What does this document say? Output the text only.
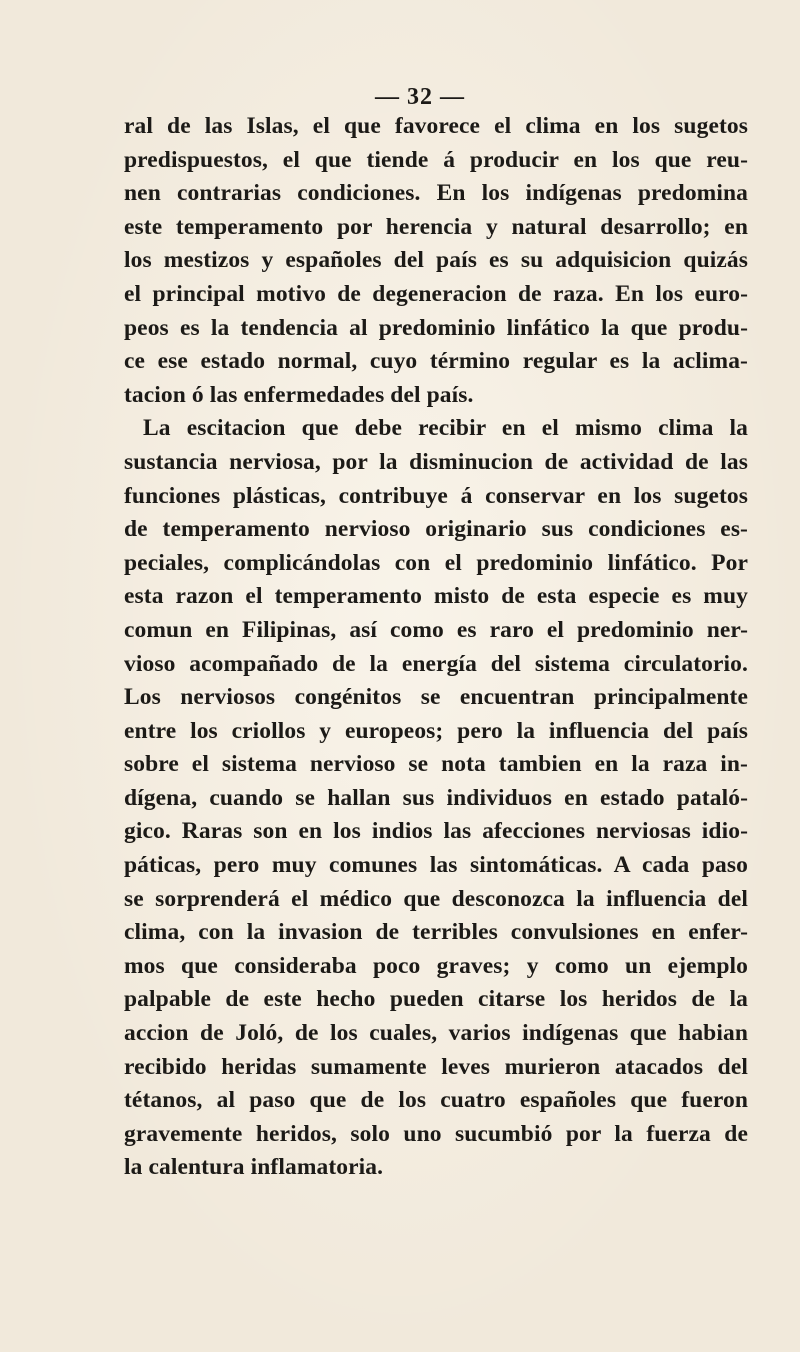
— 32 —
ral de las Islas, el que favorece el clima en los sugetos
predispuestos, el que tiende á producir en los que reu-
nen contrarias condiciones. En los indígenas predomina
este temperamento por herencia y natural desarrollo; en
los mestizos y españoles del país es su adquisicion quizás
el principal motivo de degeneracion de raza. En los euro-
peos es la tendencia al predominio linfático la que produ-
ce ese estado normal, cuyo término regular es la aclima-
tacion ó las enfermedades del país.
La escitacion que debe recibir en el mismo clima la
sustancia nerviosa, por la disminucion de actividad de las
funciones plásticas, contribuye á conservar en los sugetos
de temperamento nervioso originario sus condiciones es-
peciales, complicándolas con el predominio linfático. Por
esta razon el temperamento misto de esta especie es muy
comun en Filipinas, así como es raro el predominio ner-
vioso acompañado de la energía del sistema circulatorio.
Los nerviosos congénitos se encuentran principalmente
entre los criollos y europeos; pero la influencia del país
sobre el sistema nervioso se nota tambien en la raza in-
dígena, cuando se hallan sus individuos en estado pataló-
gico. Raras son en los indios las afecciones nerviosas idio-
páticas, pero muy comunes las sintomáticas. A cada paso
se sorprenderá el médico que desconozca la influencia del
clima, con la invasion de terribles convulsiones en enfer-
mos que consideraba poco graves; y como un ejemplo
palpable de este hecho pueden citarse los heridos de la
accion de Joló, de los cuales, varios indígenas que habian
recibido heridas sumamente leves murieron atacados del
tétanos, al paso que de los cuatro españoles que fueron
gravemente heridos, solo uno sucumbió por la fuerza de
la calentura inflamatoria.
